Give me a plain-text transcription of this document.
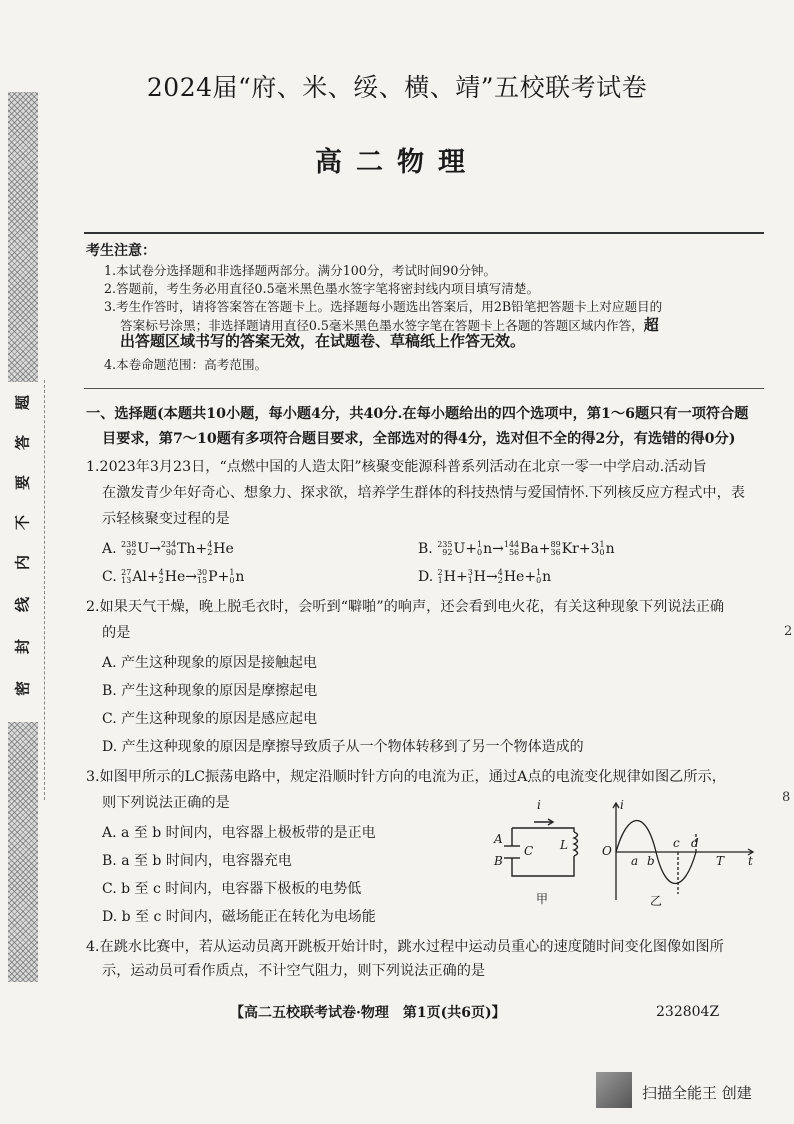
题
答
要
不
内
线
封
密
2024届“府、米、绥、横、靖”五校联考试卷
高二物理
考生注意：
1.本试卷分选择题和非选择题两部分。满分100分，考试时间90分钟。
2.答题前，考生务必用直径0.5毫米黑色墨水签字笔将密封线内项目填写清楚。
3.考生作答时，请将答案答在答题卡上。选择题每小题选出答案后，用2B铅笔把答题卡上对应题目的
答案标号涂黑；非选择题请用直径0.5毫米黑色墨水签字笔在答题卡上各题的答题区域内作答，超
出答题区域书写的答案无效，在试题卷、草稿纸上作答无效。
4.本卷命题范围：高考范围。
一、选择题(本题共10小题，每小题4分，共40分.在每小题给出的四个选项中，第1～6题只有一项符合题
目要求，第7～10题有多项符合题目要求，全部选对的得4分，选对但不全的得2分，有选错的得0分)
1.2023年3月23日，“点燃中国的人造太阳”核聚变能源科普系列活动在北京一零一中学启动.活动旨
在激发青少年好奇心、想象力、探求欲，培养学生群体的科技热情与爱国情怀.下列核反应方程式中，表
示轻核聚变过程的是
A. 238
92 U→ 234
90 Th+ 4
2 He	B. 235
92 U+ 1
0 n→ 144
56 Ba+ 89
36 Kr+3 1
0 n
C. 27
13 Al+ 4
2 He→ 30
15 P+ 1
0 n	D. 2
1 H+ 3
1 H→ 4
2 He+ 1
0 n
2.如果天气干燥，晚上脱毛衣时，会听到“噼啪”的响声，还会看到电火花，有关这种现象下列说法正确
的是
A. 产生这种现象的原因是接触起电
B. 产生这种现象的原因是摩擦起电
C. 产生这种现象的原因是感应起电
D. 产生这种现象的原因是摩擦导致质子从一个物体转移到了另一个物体造成的
3.如图甲所示的LC振荡电路中，规定沿顺时针方向的电流为正，通过A点的电流变化规律如图乙所示，
则下列说法正确的是
A. a 至 b 时间内，电容器上极板带的是正电
B. a 至 b 时间内，电容器充电
C. b 至 c 时间内，电容器下极板的电势低
D. b 至 c 时间内，磁场能正在转化为电场能
i
A
B
C L
甲
i
O
a b
c d
T t
乙
4.在跳水比赛中，若从运动员离开跳板开始计时，跳水过程中运动员重心的速度随时间变化图像如图所
示，运动员可看作质点，不计空气阻力，则下列说法正确的是
【高二五校联考试卷·物理　第1页(共6页)】	232804Z
2
8
扫描全能王 创建
